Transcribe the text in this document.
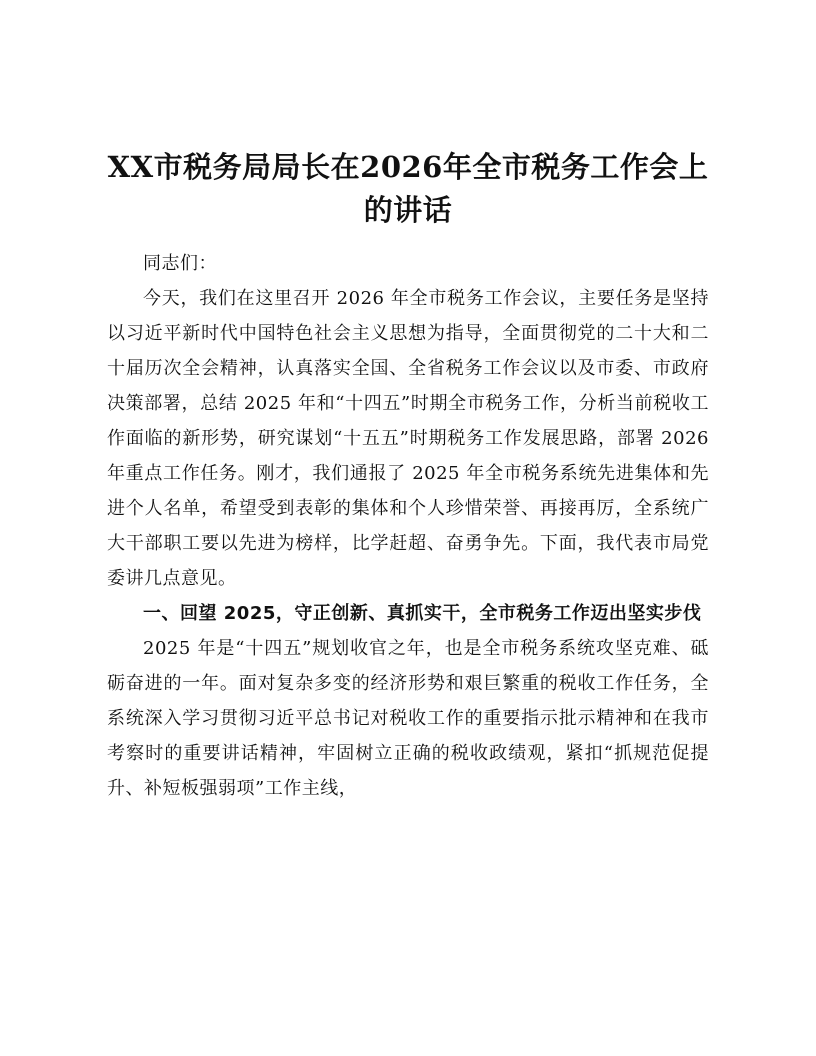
XX市税务局局长在2026年全市税务工作会上
的讲话

同志们：

今天，我们在这里召开 2026 年全市税务工作会议，主要任务是坚持以习近平新时代中国特色社会主义思想为指导，全面贯彻党的二十大和二十届历次全会精神，认真落实全国、全省税务工作会议以及市委、市政府决策部署，总结 2025 年和“十四五”时期全市税务工作，分析当前税收工作面临的新形势，研究谋划“十五五”时期税务工作发展思路，部署 2026 年重点工作任务。刚才，我们通报了 2025 年全市税务系统先进集体和先进个人名单，希望受到表彰的集体和个人珍惜荣誉、再接再厉，全系统广大干部职工要以先进为榜样，比学赶超、奋勇争先。下面，我代表市局党委讲几点意见。

一、回望 2025，守正创新、真抓实干，全市税务工作迈出坚实步伐

2025 年是“十四五”规划收官之年，也是全市税务系统攻坚克难、砥砺奋进的一年。面对复杂多变的经济形势和艰巨繁重的税收工作任务，全系统深入学习贯彻习近平总书记对税收工作的重要指示批示精神和在我市考察时的重要讲话精神，牢固树立正确的税收政绩观，紧扣“抓规范促提升、补短板强弱项”工作主线，
